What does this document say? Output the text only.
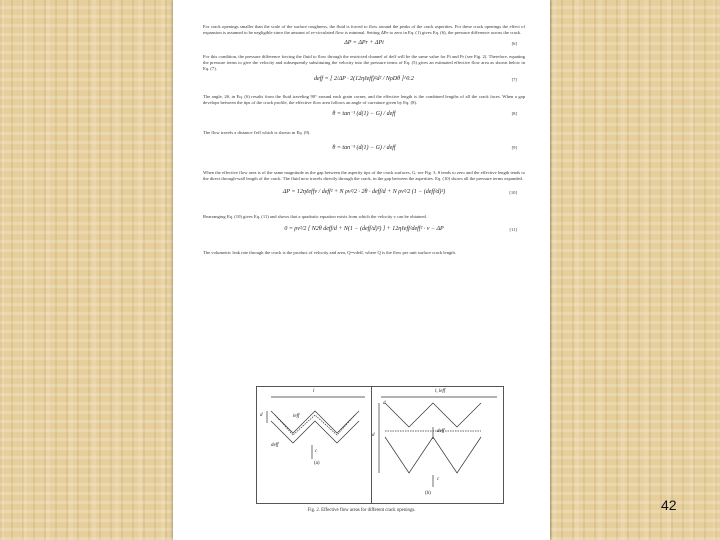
For crack openings smaller than the scale of the surface roughness, the fluid is forced to flow around the peaks of the crack asperities. For these crack openings the effect of expansion is assumed to be negligible since the amount of re-circulated flow is minimal. Setting ΔPe to zero in Eq. (1) gives Eq. (6), the pressure difference across the crack.

ΔP = ΔPr + ΔPi	[6]

For this condition, the pressure difference forcing the fluid to flow through the restricted channel of deff will be the same value for Pi and Pr (see Fig. 2). Therefore, equating the pressure terms to give the velocity and subsequently substituting the velocity into the pressure terms of Eq. (5) gives an estimated effective flow area as shown below in Eq. (7).

deff = [ 2/ΔP · 2(12ηℓeff)²d² / NρDθ ]^0.2	[7]

The angle, 2θ, in Eq. (6) results from the fluid traveling 90° around each grain corner, and the effective length is the combined lengths of all the crack faces. When a gap develops between the tips of the crack profile, the effective flow area follows an angle of curvature given by Eq. (8).

θ = tan⁻¹ (d(1) − G) / deff	[8]

The flow travels a distance ℓeff which is shown in Eq. (9).

θ = tan⁻¹ (d(1) − G) / deff	[9]

When the effective flow area is of the same magnitude as the gap between the asperity tips of the crack surfaces, G, see Fig. 3, θ tends to zero and the effective length tends to the direct through-wall length of the crack. The fluid now travels directly through the crack, in the gap between the asperities. Eq. (10) shows all the pressure terms expanded.

ΔP = 12ηℓeffv / deff² + N ρv²/2 · 2θ · deff/d + N ρv²/2 (1 − (deff/d)²)	[10]

Rearranging Eq. (10) gives Eq. (11) and shows that a quadratic equation exists from which the velocity v can be obtained.

0 = ρv²/2 [ N2θ deff/d + N(1 − (deff/d)²) ] + 12ηℓeff/deff² · v − ΔP	[11]

The volumetric leak rate through the crack is the product of velocity and area, Q=vdeff, where Q is the flow per unit surface crack length.

l
leff
d
deff
c
(a)
l, leff
d
d
deff
c
(b)
Fig. 2. Effective flow areas for different crack openings.	42
